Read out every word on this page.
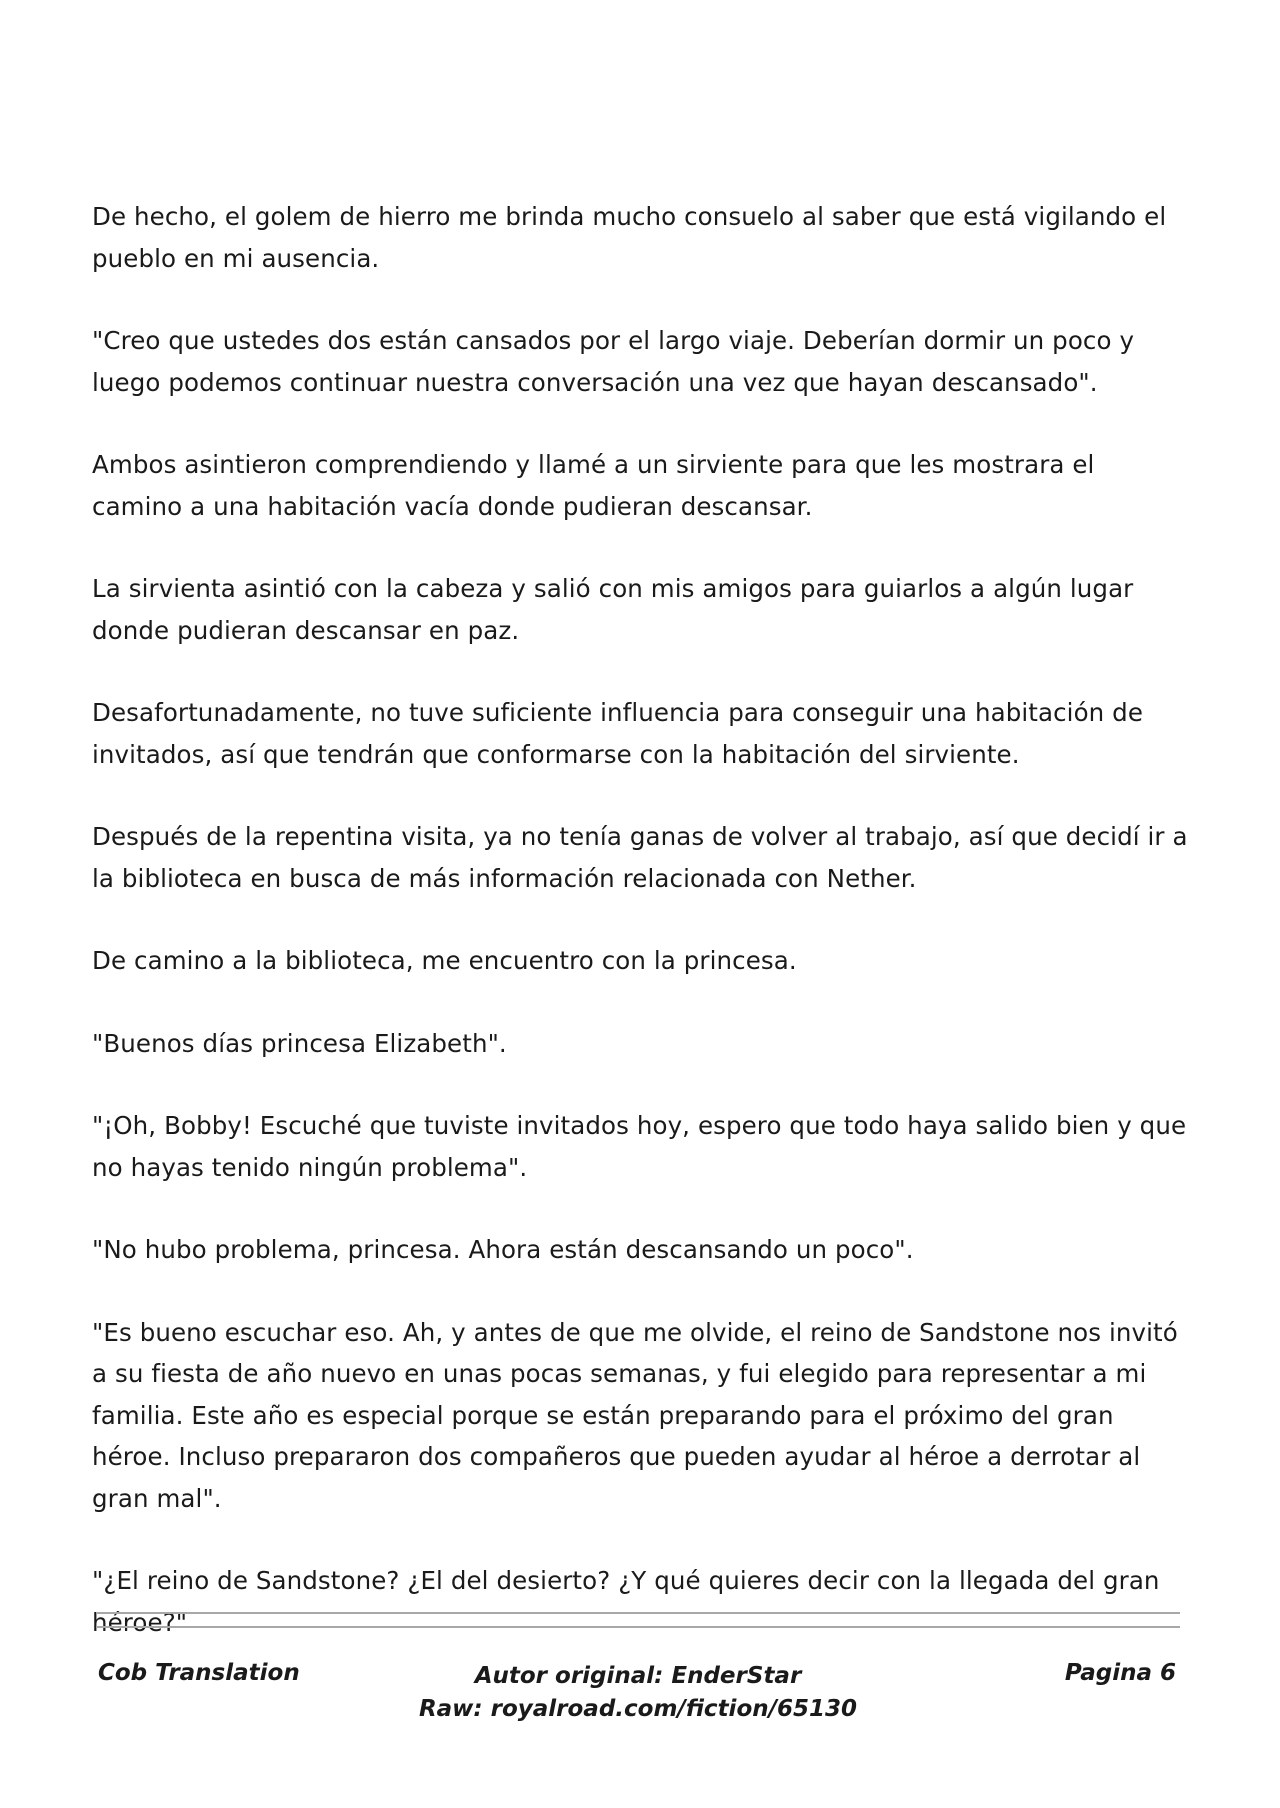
De hecho, el golem de hierro me brinda mucho consuelo al saber que está vigilando el pueblo en mi ausencia.

"Creo que ustedes dos están cansados por el largo viaje. Deberían dormir un poco y luego podemos continuar nuestra conversación una vez que hayan descansado".

Ambos asintieron comprendiendo y llamé a un sirviente para que les mostrara el camino a una habitación vacía donde pudieran descansar.

La sirvienta asintió con la cabeza y salió con mis amigos para guiarlos a algún lugar donde pudieran descansar en paz.

Desafortunadamente, no tuve suficiente influencia para conseguir una habitación de invitados, así que tendrán que conformarse con la habitación del sirviente.

Después de la repentina visita, ya no tenía ganas de volver al trabajo, así que decidí ir a la biblioteca en busca de más información relacionada con Nether.

De camino a la biblioteca, me encuentro con la princesa.

"Buenos días princesa Elizabeth".

"¡Oh, Bobby! Escuché que tuviste invitados hoy, espero que todo haya salido bien y que no hayas tenido ningún problema".

"No hubo problema, princesa. Ahora están descansando un poco".

"Es bueno escuchar eso. Ah, y antes de que me olvide, el reino de Sandstone nos invitó a su fiesta de año nuevo en unas pocas semanas, y fui elegido para representar a mi familia. Este año es especial porque se están preparando para el próximo del gran héroe. Incluso prepararon dos compañeros que pueden ayudar al héroe a derrotar al gran mal".

"¿El reino de Sandstone? ¿El del desierto? ¿Y qué quieres decir con la llegada del gran héroe?"

Cob Translation	Autor original: EnderStar
Raw: royalroad.com/fiction/65130
Pagina 6
